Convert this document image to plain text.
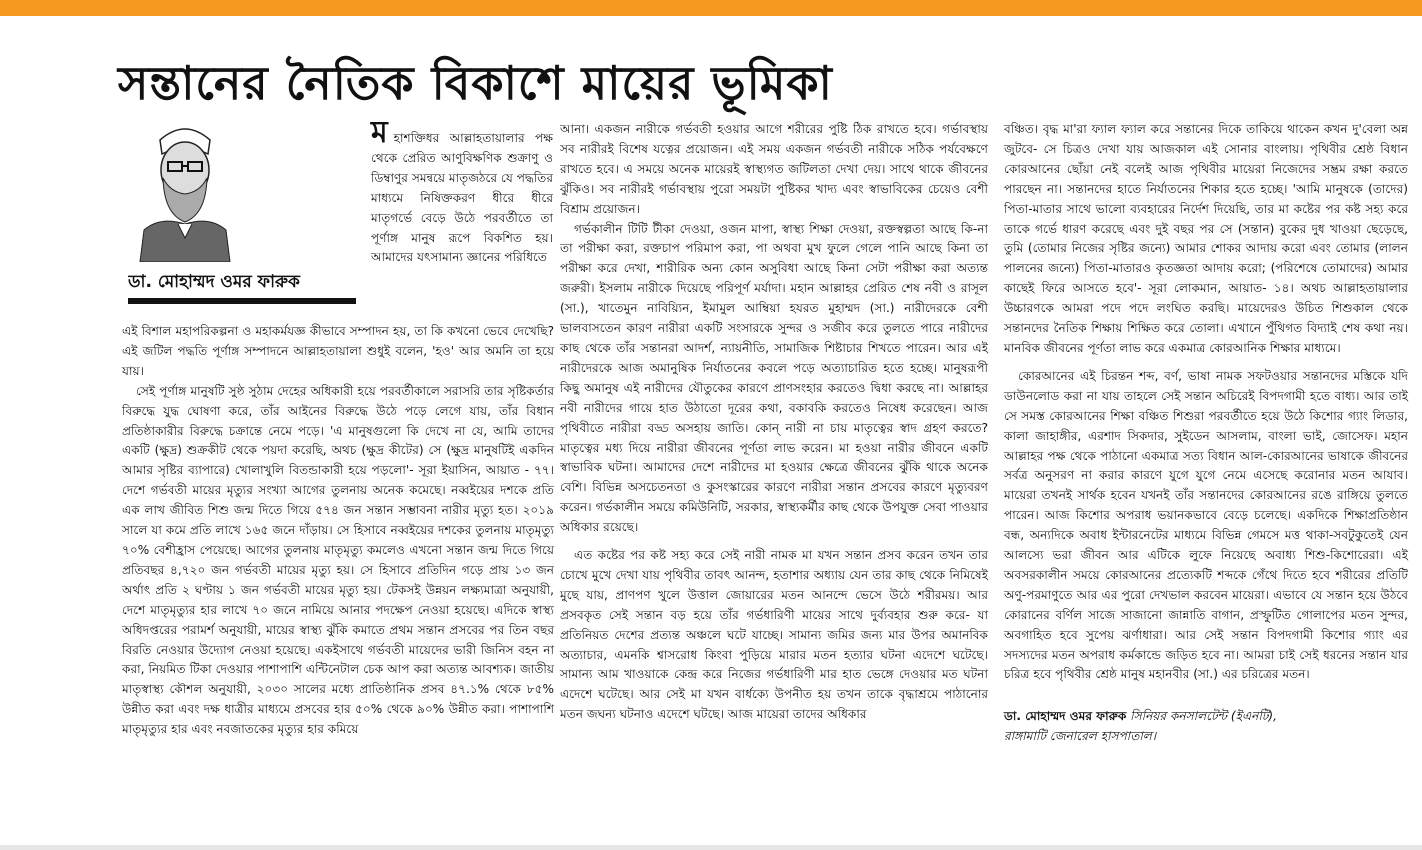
সন্তানের নৈতিক বিকাশে মায়ের ভূমিকা
ডা. মোহাম্মদ ওমর ফারুক
মহাশক্তিধর আল্লাহতায়ালার পক্ষ থেকে প্রেরিত আণুবিক্ষণিক শুক্রাণু ও ডিম্বাণুর সমন্বয়ে মাতৃজঠরে যে পদ্ধতির মাধ্যমে নিষিক্তকরণ ধীরে ধীরে মাতৃগর্ভে বেড়ে উঠে পরবর্তীতে তা পূর্ণাঙ্গ মানুষ রূপে বিকশিত হয়। আমাদের যৎসামান্য জ্ঞানের পরিধিতে

এই বিশাল মহাপরিকল্পনা ও মহাকর্মযজ্ঞ কীভাবে সম্পাদন হয়, তা কি কখনো ভেবে দেখেছি? এই জটিল পদ্ধতি পূর্ণাঙ্গ সম্পাদনে আল্লাহতায়ালা শুধুই বলেন, 'হও' আর অমনি তা হয়ে যায়।

সেই পূর্ণাঙ্গ মানুষটি সুষ্ঠ সুঠাম দেহের অধিকারী হয়ে পরবর্তীকালে সরাসরি তার সৃষ্টিকর্তার বিরুদ্ধে যুদ্ধ ঘোষণা করে, তাঁর আইনের বিরুদ্ধে উঠে পড়ে লেগে যায়, তাঁর বিধান প্রতিষ্ঠাকারীর বিরুদ্ধে চক্রান্তে নেমে পড়ে। 'এ মানুষগুলো কি দেখে না যে, আমি তাদের একটি (ক্ষুদ্র) শুক্রকীট থেকে পয়দা করেছি, অথচ (ক্ষুদ্র কীটের) সে (ক্ষুদ্র মানুষটিই একদিন আমার সৃষ্টির ব্যাপারে) খোলাখুলি বিতন্ডাকারী হয়ে পড়লো'- সূরা ইয়াসিন, আয়াত - ৭৭। দেশে গর্ভবতী মায়ের মৃত্যুর সংখ্যা আগের তুলনায় অনেক কমেছে। নব্বইয়ের দশকে প্রতি এক লাখ জীবিত শিশু জন্ম দিতে গিয়ে ৫৭৪ জন সন্তান সম্ভাবনা নারীর মৃত্যু হত। ২০১৯ সালে যা কমে প্রতি লাখে ১৬৫ জনে দাঁড়ায়। সে হিসাবে নব্বইয়ের দশকের তুলনায় মাতৃমৃত্যু ৭০% বেশীহ্রাস পেয়েছে। আগের তুলনায় মাতৃমৃত্যু কমলেও এখনো সন্তান জন্ম দিতে গিয়ে প্রতিবছর ৪,৭২০ জন গর্ভবতী মায়ের মৃত্যু হয়। সে হিসাবে প্রতিদিন গড়ে প্রায় ১৩ জন অর্থাৎ প্রতি ২ ঘণ্টায় ১ জন গর্ভবতী মায়ের মৃত্যু হয়। টেকসই উন্নয়ন লক্ষ্যমাত্রা অনুযায়ী, দেশে মাতৃমৃত্যুর হার লাখে ৭০ জনে নামিয়ে আনার পদক্ষেপ নেওয়া হয়েছে। এদিকে স্বাস্থ্য অধিদপ্তরের পরামর্শ অনুযায়ী, মায়ের স্বাস্থ্য ঝুঁকি কমাতে প্রথম সন্তান প্রসবের পর তিন বছর বিরতি নেওয়ার উদ্যোগ নেওয়া হয়েছে। একইসাথে গর্ভবতী মায়েদের ভারী জিনিস বহন না করা, নিয়মিত টিকা দেওয়ার পাশাপাশি এন্টিনেটাল চেক আপ করা অত্যন্ত আবশ্যক। জাতীয় মাতৃস্বাস্থ্য কৌশল অনুযায়ী, ২০৩০ সালের মধ্যে প্রাতিষ্ঠানিক প্রসব ৪৭.১% থেকে ৮৫% উন্নীত করা এবং দক্ষ ধাত্রীর মাধ্যমে প্রসবের হার ৫০% থেকে ৯০% উন্নীত করা। পাশাপাশি মাতৃমৃত্যুর হার এবং নবজাতকের মৃত্যুর হার কমিয়ে

আনা। একজন নারীকে গর্ভবতী হওয়ার আগে শরীরের পুষ্টি ঠিক রাখতে হবে। গর্ভাবস্থায় সব নারীরই বিশেষ যত্নের প্রয়োজন। এই সময় একজন গর্ভবতী নারীকে সঠিক পর্যবেক্ষণে রাখতে হবে। এ সময়ে অনেক মায়েরই স্বাস্থ্যগত জটিলতা দেখা দেয়। সাথে থাকে জীবনের ঝুঁকিও। সব নারীরই গর্ভাবস্থায় পুরো সময়টা পুষ্টিকর খাদ্য এবং স্বাভাবিকের চেয়েও বেশী বিশ্রাম প্রয়োজন।

গর্ভকালীন টিটি টীকা দেওয়া, ওজন মাপা, স্বাস্থ্য শিক্ষা দেওয়া, রক্তস্বল্পতা আছে কি-না তা পরীক্ষা করা, রক্তচাপ পরিমাপ করা, পা অথবা মুখ ফুলে গেলে পানি আছে কিনা তা পরীক্ষা করে দেখা, শারীরিক অন্য কোন অসুবিধা আছে কিনা সেটা পরীক্ষা করা অত্যন্ত জরুরী। ইসলাম নারীকে দিয়েছে পরিপূর্ণ মর্যাদা। মহান আল্লাহর প্রেরিত শেষ নবী ও রাসূল (সা.), খাতেমুন নাবিয়্যিন, ইমামুল আম্বিয়া হযরত মুহাম্মদ (সা.) নারীদেরকে বেশী ভালবাসতেন কারণ নারীরা একটি সংসারকে সুন্দর ও সজীব করে তুলতে পারে নারীদের কাছ থেকে তাঁর সন্তানরা আদর্শ, ন্যায়নীতি, সামাজিক শিষ্টাচার শিখতে পারেন। আর এই নারীদেরকে আজ অমানুষিক নির্যাতনের কবলে পড়ে অত্যাচারিত হতে হচ্ছে। মানুষরূপী কিছু অমানুষ এই নারীদের যৌতুকের কারণে প্রাণসংহার করতেও দ্বিধা করছে না। আল্লাহর নবী নারীদের গায়ে হাত উঠাতো দূরের কথা, বকাবকি করতেও নিষেধ করেছেন। আজ পৃথিবীতে নারীরা বড্ড অসহায় জাতি। কোন্ নারী না চায় মাতৃত্বের স্বাদ গ্রহণ করতে? মাতৃত্বের মধ্য দিয়ে নারীরা জীবনের পূর্ণতা লাভ করেন। মা হওয়া নারীর জীবনে একটি স্বাভাবিক ঘটনা। আমাদের দেশে নারীদের মা হওয়ার ক্ষেত্রে জীবনের ঝুঁকি থাকে অনেক বেশি। বিভিন্ন অসচেতনতা ও কুসংস্কারের কারণে নারীরা সন্তান প্রসবের কারণে মৃত্যুবরণ করেন। গর্ভকালীন সময়ে কমিউনিটি, সরকার, স্বাস্থ্যকর্মীর কাছ থেকে উপযুক্ত সেবা পাওয়ার অধিকার রয়েছে।

এত কষ্টের পর কষ্ট সহ্য করে সেই নারী নামক মা যখন সন্তান প্রসব করেন তখন তার চোখে মুখে দেখা যায় পৃথিবীর তাবৎ আনন্দ, হতাশার অধ্যায় যেন তার কাছ থেকে নিমিষেই মুছে যায়, প্রাণপণ খুলে উত্তাল জোয়ারের মতন আনন্দে ভেসে উঠে শরীরময়। আর প্রসবকৃত সেই সন্তান বড় হয়ে তাঁর গর্ভধারিণী মায়ের সাথে দুর্ব্যবহার শুরু করে- যা প্রতিনিয়ত দেশের প্রত্যন্ত অঞ্চলে ঘটে যাচ্ছে। সামান্য জমির জন্য মার উপর অমানবিক অত্যাচার, এমনকি শ্বাসরোধ কিংবা পুড়িয়ে মারার মতন হত্যার ঘটনা এদেশে ঘটেছে। সামান্য আম খাওয়াকে কেন্দ্র করে নিজের গর্ভধারিণী মার হাত ভেঙ্গে দেওয়ার মত ঘটনা এদেশে ঘটেছে। আর সেই মা যখন বার্ধক্যে উপনীত হয় তখন তাকে বৃদ্ধাশ্রমে পাঠানোর মতন জঘন্য ঘটনাও এদেশে ঘটছে। আজ মায়েরা তাদের অধিকার

বঞ্চিত। বৃদ্ধ মা'রা ফ্যাল ফ্যাল করে সন্তানের দিকে তাকিয়ে থাকেন কখন দু'বেলা অন্ন জুটবে- সে চিত্রও দেখা যায় আজকাল এই সোনার বাংলায়। পৃথিবীর শ্রেষ্ঠ বিধান কোরআনের ছোঁয়া নেই বলেই আজ পৃথিবীর মায়েরা নিজেদের সম্ভ্রম রক্ষা করতে পারছেন না। সন্তানদের হাতে নির্যাতনের শিকার হতে হচ্ছে। 'আমি মানুষকে (তাদের) পিতা-মাতার সাথে ভালো ব্যবহারের নির্দেশ দিয়েছি, তার মা কষ্টের পর কষ্ট সহ্য করে তাকে গর্ভে ধারণ করেছে এবং দুই বছর পর সে (সন্তান) বুকের দুধ খাওয়া ছেড়েছে, তুমি (তোমার নিজের সৃষ্টির জন্যে) আমার শোকর আদায় করো এবং তোমার (লালন পালনের জন্যে) পিতা-মাতারও কৃতজ্ঞতা আদায় করো; (পরিশেষে তোমাদের) আমার কাছেই ফিরে আসতে হবে'- সূরা লোকমান, আয়াত- ১৪। অথচ আল্লাহতায়ালার উচ্চারণকে আমরা পদে পদে লংঘিত করছি। মায়েদেরও উচিত শিশুকাল থেকে সন্তানদের নৈতিক শিক্ষায় শিক্ষিত করে তোলা। এখানে পুঁথিগত বিদ্যাই শেষ কথা নয়। মানবিক জীবনের পূর্ণতা লাভ করে একমাত্র কোরআনিক শিক্ষার মাধ্যমে।

কোরআনের এই চিরন্তন শব্দ, বর্ণ, ভাষা নামক সফটওয়ার সন্তানদের মস্তিকে যদি ডাউনলোড করা না যায় তাহলে সেই সন্তান অচিরেই বিপদগামী হতে বাধ্য। আর তাই সে সমস্ত কোরআনের শিক্ষা বঞ্চিত শিশুরা পরবর্তীতে হয়ে উঠে কিশোর গ্যাং লিডার, কালা জাহাঙ্গীর, এরশাদ সিকদার, সুইডেন আসলাম, বাংলা ভাই, জোসেফ। মহান আল্লাহর পক্ষ থেকে পাঠানো একমাত্র সত্য বিধান আল-কোরআনের ভাষাকে জীবনের সর্বত্র অনুসরণ না করার কারণে যুগে যুগে নেমে এসেছে করোনার মতন আযাব। মায়েরা তখনই সার্থক হবেন যখনই তাঁর সন্তানদের কোরআনের রঙে রাঙ্গিয়ে তুলতে পারেন। আজ কিশোর অপরাধ ভয়ানকভাবে বেড়ে চলেছে। একদিকে শিক্ষাপ্রতিষ্ঠান বন্ধ, অন্যদিকে অবাধ ইন্টারনেটের মাধ্যমে বিভিন্ন গেমসে মত্ত থাকা-সবটুকুতেই যেন আলস্যে ভরা জীবন আর এটিকে লুফে নিয়েছে অবাধ্য শিশু-কিশোরেরা। এই অবসরকালীন সময়ে কোরআনের প্রত্যেকটি শব্দকে গেঁথে দিতে হবে শরীরের প্রতিটি অণু-পরমাণুতে আর এর পুরো দেখভাল করবেন মায়েরা। এভাবে যে সন্তান হয়ে উঠবে কোরানের বর্ণিল সাজে সাজানো জান্নাতি বাগান, প্রস্ফুটিত গোলাপের মতন সুন্দর, অবগাহিত হবে সুপেয় ঝর্ণাধারা। আর সেই সন্তান বিপদগামী কিশোর গ্যাং এর সদস্যদের মতন অপরাধ কর্মকান্ডে জড়িত হবে না। আমরা চাই সেই ধরনের সন্তান যার চরিত্র হবে পৃথিবীর শ্রেষ্ঠ মানুষ মহানবীর (সা.) এর চরিত্রের মতন।

ডা. মোহাম্মদ ওমর ফারুক সিনিয়র কনসালটেন্ট (ইএনটি),
রাঙ্গামাটি জেনারেল হাসপাতাল।
